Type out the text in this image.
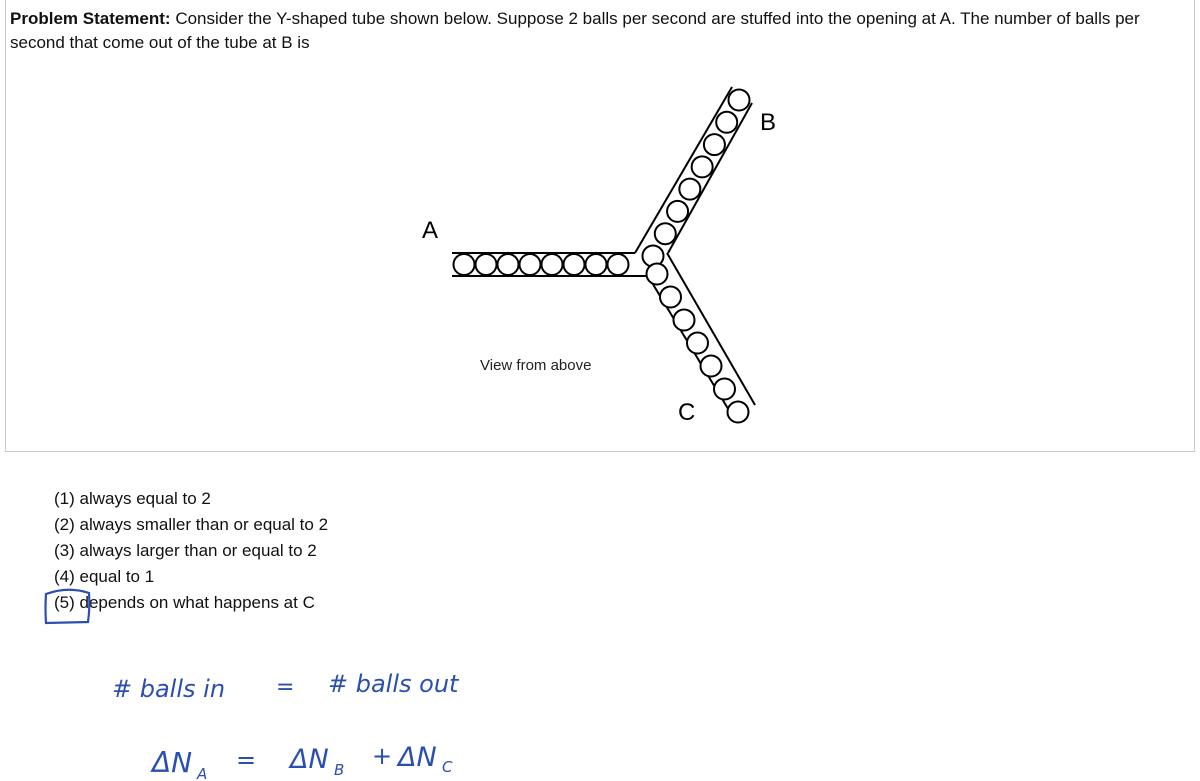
Problem Statement: Consider the Y-shaped tube shown below. Suppose 2 balls per second are stuffed into the opening at A. The number of balls per second that come out of the tube at B is
A
B
C
View from above
(1) always equal to 2
(2) always smaller than or equal to 2
(3) always larger than or equal to 2
(4) equal to 1
(5) depends on what happens at C
# balls in = # balls out
ΔN A = ΔN B + ΔN C
